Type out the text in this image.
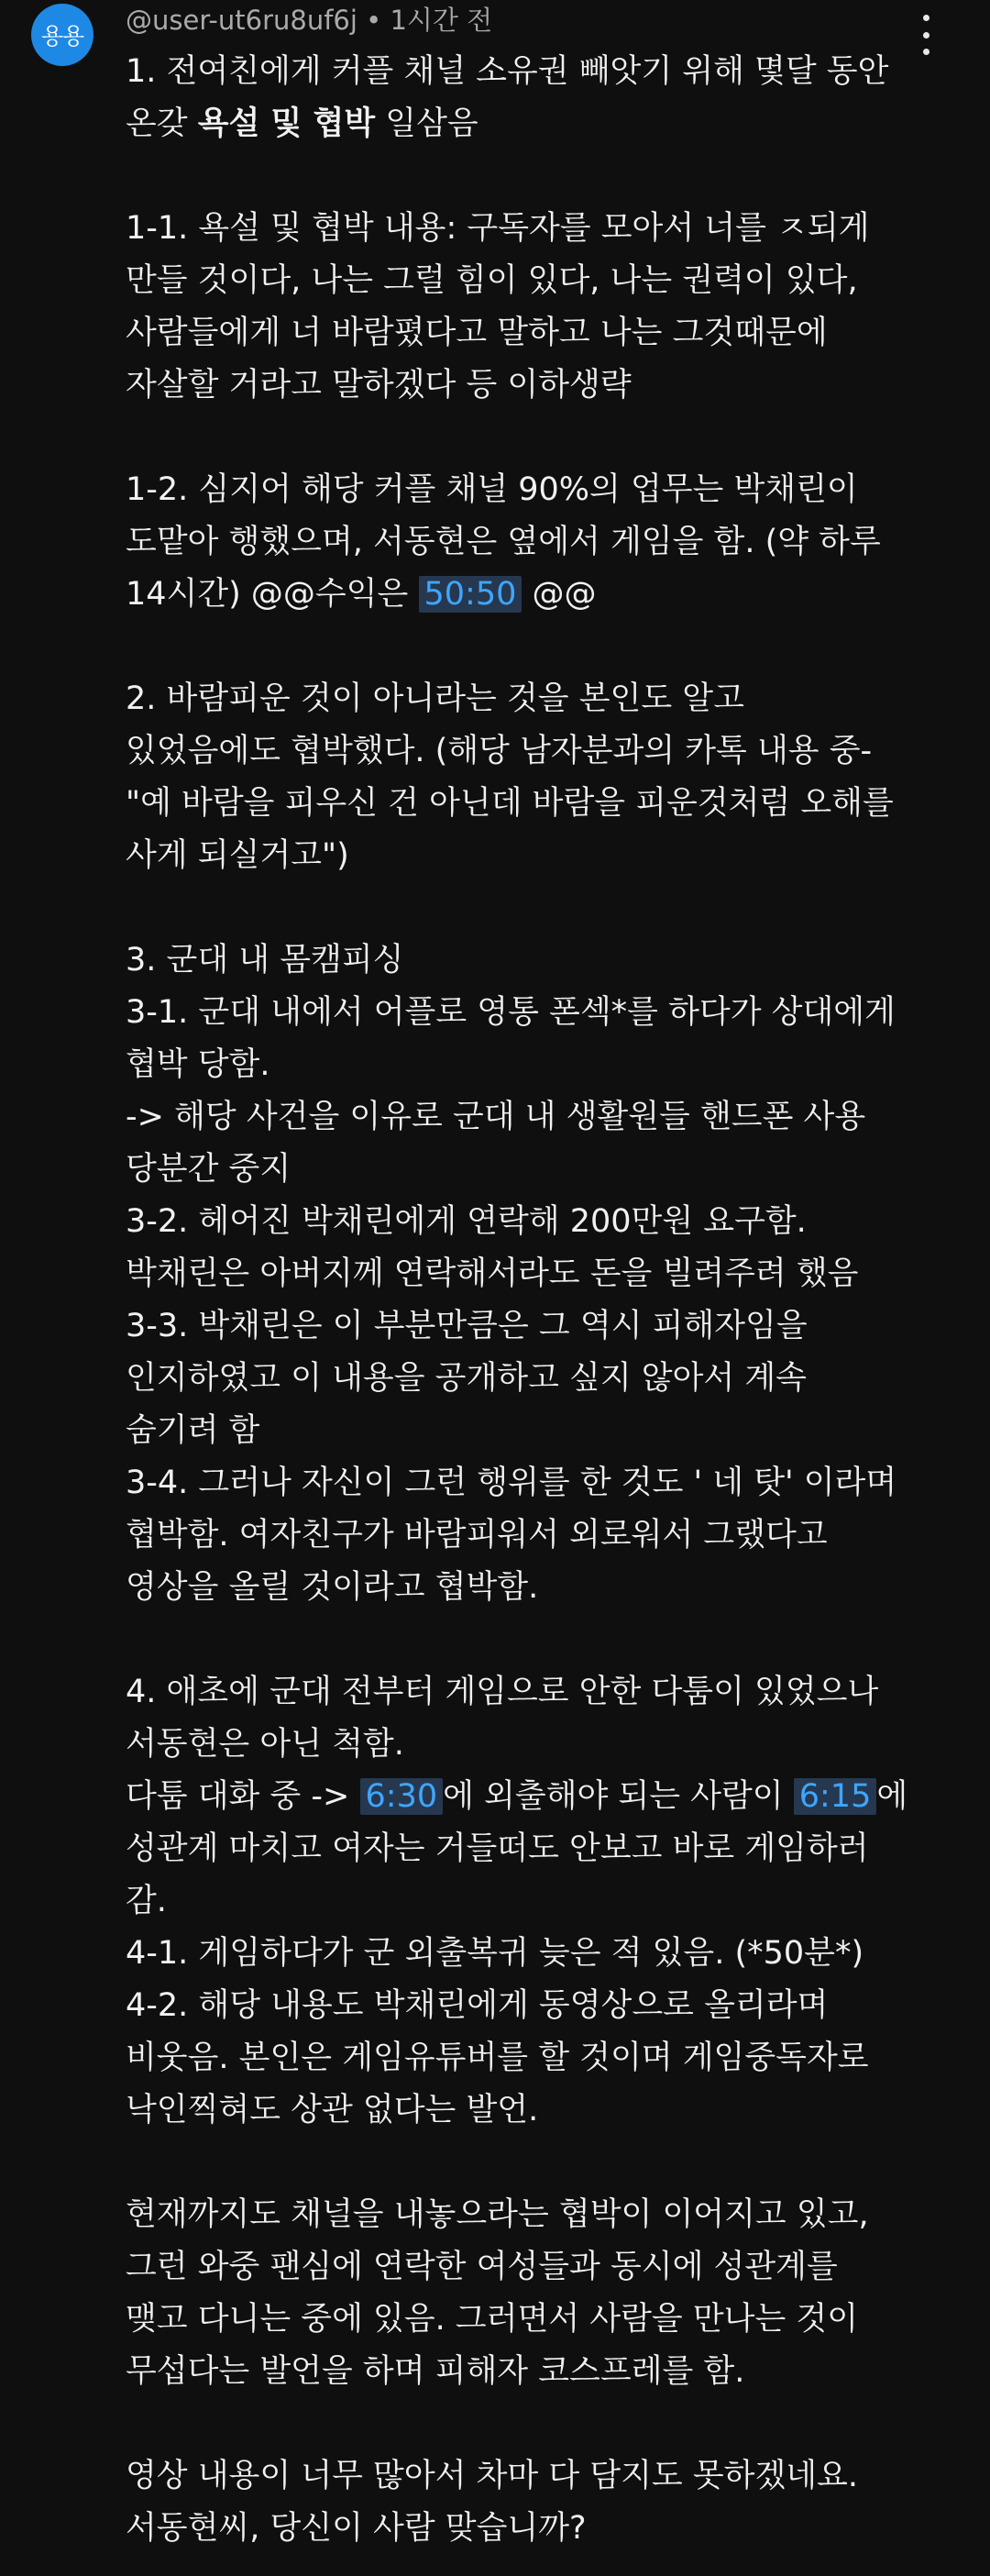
용용
@user-ut6ru8uf6j • 1시간 전
1. 전여친에게 커플 채널 소유권 빼앗기 위해 몇달 동안
온갖 욕설 및 협박 일삼음
1-1. 욕설 및 협박 내용: 구독자를 모아서 너를 ㅈ되게
만들 것이다, 나는 그럴 힘이 있다, 나는 권력이 있다,
사람들에게 너 바람폈다고 말하고 나는 그것때문에
자살할 거라고 말하겠다 등 이하생략
1-2. 심지어 해당 커플 채널 90%의 업무는 박채린이
도맡아 행했으며, 서동현은 옆에서 게임을 함. (약 하루
14시간) @@수익은 50:50 @@
2. 바람피운 것이 아니라는 것을 본인도 알고
있었음에도 협박했다. (해당 남자분과의 카톡 내용 중-
"예 바람을 피우신 건 아닌데 바람을 피운것처럼 오해를
사게 되실거고")
3. 군대 내 몸캠피싱
3-1. 군대 내에서 어플로 영통 폰섹*를 하다가 상대에게
협박 당함.
-> 해당 사건을 이유로 군대 내 생활원들 핸드폰 사용
당분간 중지
3-2. 헤어진 박채린에게 연락해 200만원 요구함.
박채린은 아버지께 연락해서라도 돈을 빌려주려 했음
3-3. 박채린은 이 부분만큼은 그 역시 피해자임을
인지하였고 이 내용을 공개하고 싶지 않아서 계속
숨기려 함
3-4. 그러나 자신이 그런 행위를 한 것도 ' 네 탓' 이라며
협박함. 여자친구가 바람피워서 외로워서 그랬다고
영상을 올릴 것이라고 협박함.
4. 애초에 군대 전부터 게임으로 안한 다툼이 있었으나
서동현은 아닌 척함.
다툼 대화 중 -> 6:30 에 외출해야 되는 사람이 6:15 에
성관계 마치고 여자는 거들떠도 안보고 바로 게임하러
감.
4-1. 게임하다가 군 외출복귀 늦은 적 있음. (*50분*)
4-2. 해당 내용도 박채린에게 동영상으로 올리라며
비웃음. 본인은 게임유튜버를 할 것이며 게임중독자로
낙인찍혀도 상관 없다는 발언.
현재까지도 채널을 내놓으라는 협박이 이어지고 있고,
그런 와중 팬심에 연락한 여성들과 동시에 성관계를
맺고 다니는 중에 있음. 그러면서 사람을 만나는 것이
무섭다는 발언을 하며 피해자 코스프레를 함.
영상 내용이 너무 많아서 차마 다 담지도 못하겠네요.
서동현씨, 당신이 사람 맞습니까?
